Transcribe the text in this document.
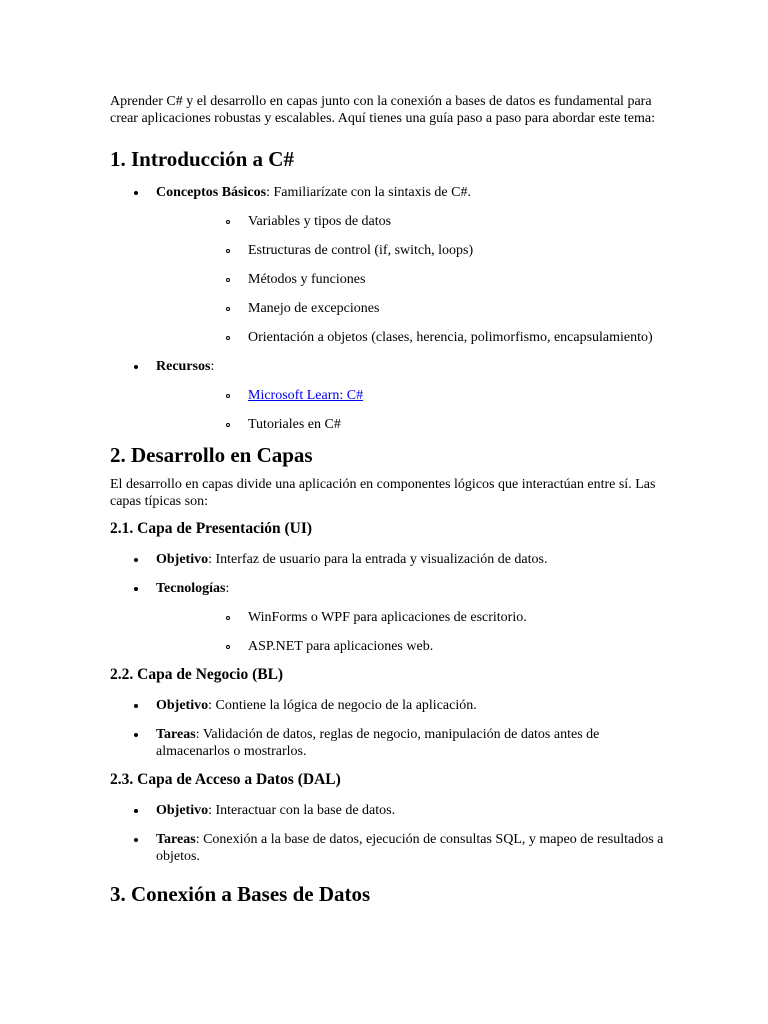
Aprender C# y el desarrollo en capas junto con la conexión a bases de datos es fundamental para crear aplicaciones robustas y escalables. Aquí tienes una guía paso a paso para abordar este tema:

1. Introducción a C#
Conceptos Básicos: Familiarízate con la sintaxis de C#.
Variables y tipos de datos
Estructuras de control (if, switch, loops)
Métodos y funciones
Manejo de excepciones
Orientación a objetos (clases, herencia, polimorfismo, encapsulamiento)
Recursos:
Microsoft Learn: C#
Tutoriales en C#
2. Desarrollo en Capas

El desarrollo en capas divide una aplicación en componentes lógicos que interactúan entre sí. Las capas típicas son:

2.1. Capa de Presentación (UI)
Objetivo: Interfaz de usuario para la entrada y visualización de datos.
Tecnologías:
WinForms o WPF para aplicaciones de escritorio.
ASP.NET para aplicaciones web.
2.2. Capa de Negocio (BL)
Objetivo: Contiene la lógica de negocio de la aplicación.
Tareas: Validación de datos, reglas de negocio, manipulación de datos antes de almacenarlos o mostrarlos.
2.3. Capa de Acceso a Datos (DAL)
Objetivo: Interactuar con la base de datos.
Tareas: Conexión a la base de datos, ejecución de consultas SQL, y mapeo de resultados a objetos.
3. Conexión a Bases de Datos
